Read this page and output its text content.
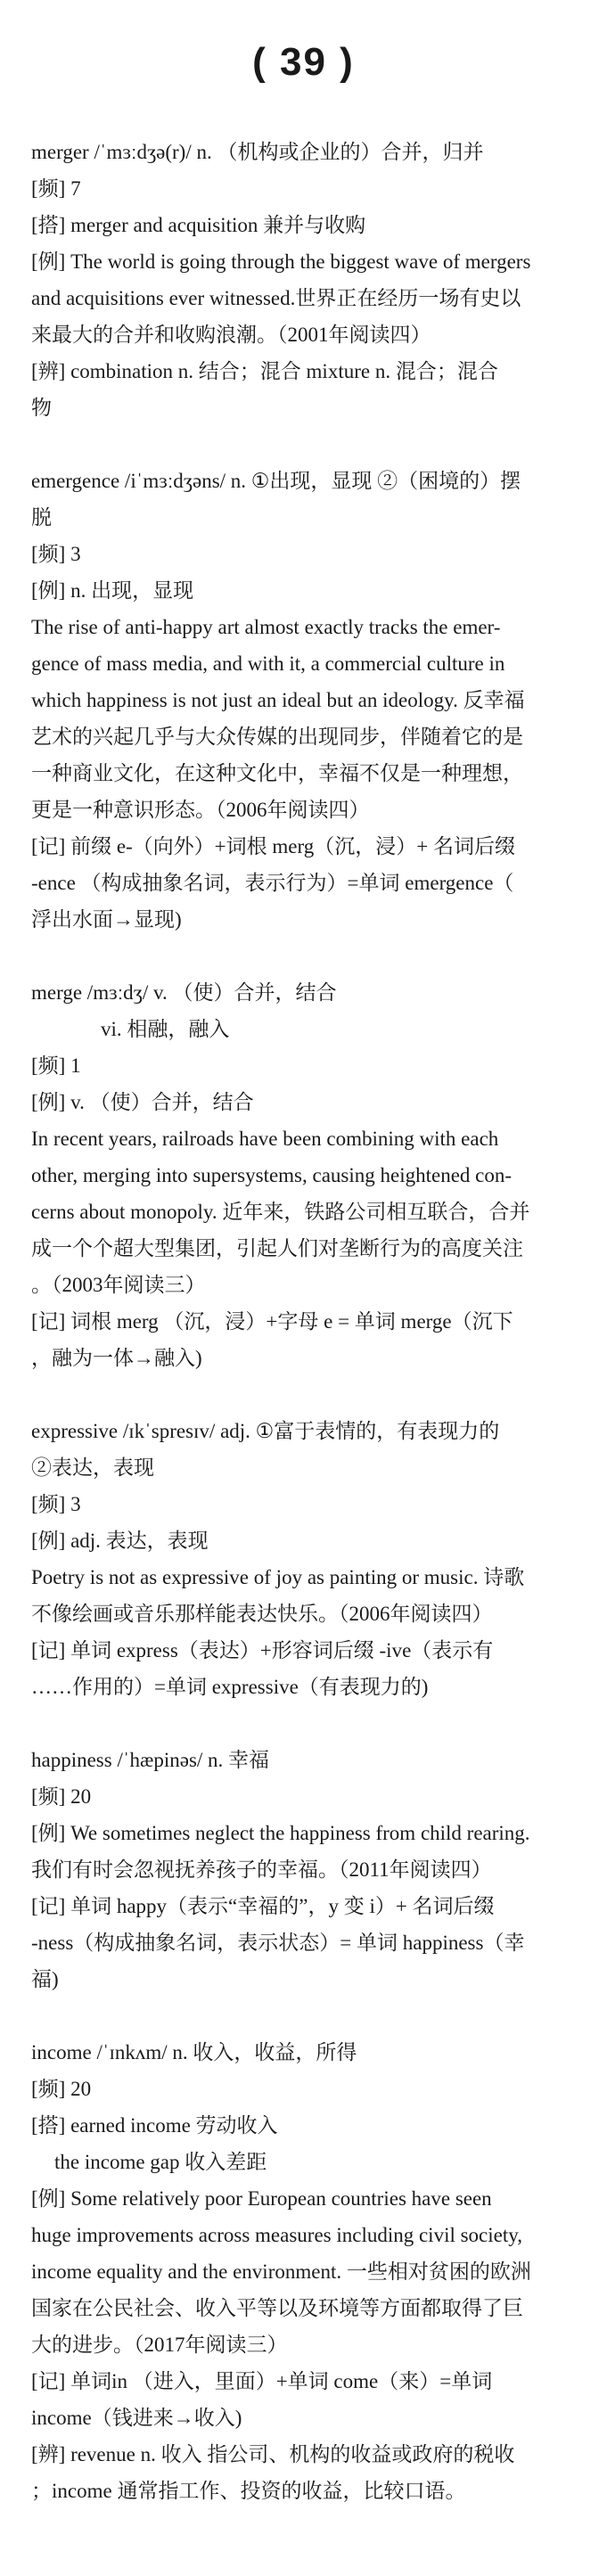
( 39 )
merger /ˈmɜːdʒə(r)/ n. （机构或企业的）合并，归并
[频] 7
[搭] merger and acquisition 兼并与收购
[例] The world is going through the biggest wave of mergers
and acquisitions ever witnessed.世界正在经历一场有史以
来最大的合并和收购浪潮。（2001年阅读四）
[辨] combination n. 结合；混合 mixture n. 混合；混合
物
emergence /iˈmɜːdʒəns/ n. ①出现，显现 ②（困境的）摆
脱
[频] 3
[例] n. 出现，显现
The rise of anti-happy art almost exactly tracks the emer-
gence of mass media, and with it, a commercial culture in
which happiness is not just an ideal but an ideology. 反幸福
艺术的兴起几乎与大众传媒的出现同步，伴随着它的是
一种商业文化，在这种文化中，幸福不仅是一种理想，
更是一种意识形态。（2006年阅读四）
[记] 前缀 e-（向外）+词根 merg（沉，浸）+ 名词后缀
-ence （构成抽象名词，表示行为）=单词 emergence（
浮出水面→显现)
merge /mɜːdʒ/ v. （使）合并，结合
vi. 相融，融入
[频] 1
[例] v. （使）合并，结合
In recent years, railroads have been combining with each
other, merging into supersystems, causing heightened con-
cerns about monopoly. 近年来，铁路公司相互联合，合并
成一个个超大型集团，引起人们对垄断行为的高度关注
。（2003年阅读三）
[记] 词根 merg （沉，浸）+字母 e = 单词 merge（沉下
，融为一体→融入)
expressive /ɪkˈspresɪv/ adj. ①富于表情的，有表现力的
②表达，表现
[频] 3
[例] adj. 表达，表现
Poetry is not as expressive of joy as painting or music. 诗歌
不像绘画或音乐那样能表达快乐。（2006年阅读四）
[记] 单词 express（表达）+形容词后缀 -ive（表示有
……作用的）=单词 expressive（有表现力的)
happiness /ˈhæpinəs/ n. 幸福
[频] 20
[例] We sometimes neglect the happiness from child rearing.
我们有时会忽视抚养孩子的幸福。（2011年阅读四）
[记] 单词 happy（表示“幸福的”，y 变 i）+ 名词后缀
-ness（构成抽象名词，表示状态）= 单词 happiness（幸
福)
income /ˈɪnkʌm/ n. 收入，收益，所得
[频] 20
[搭] earned income 劳动收入
the income gap 收入差距
[例] Some relatively poor European countries have seen
huge improvements across measures including civil society,
income equality and the environment. 一些相对贫困的欧洲
国家在公民社会、收入平等以及环境等方面都取得了巨
大的进步。（2017年阅读三）
[记] 单词in （进入，里面）+单词 come（来）=单词
income（钱进来→收入)
[辨] revenue n. 收入 指公司、机构的收益或政府的税收
；income 通常指工作、投资的收益，比较口语。
